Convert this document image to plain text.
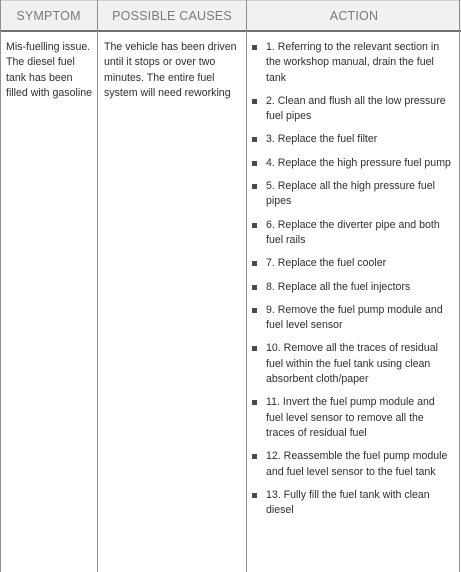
SYMPTOM	POSSIBLE CAUSES	ACTION
Mis-fuelling issue. The diesel fuel tank has been filled with gasoline
The vehicle has been driven until it stops or over two minutes. The entire fuel system will need reworking
1. Referring to the relevant section in the workshop manual, drain the fuel tank
2. Clean and flush all the low pressure fuel pipes
3. Replace the fuel filter
4. Replace the high pressure fuel pump
5. Replace all the high pressure fuel pipes
6. Replace the diverter pipe and both fuel rails
7. Replace the fuel cooler
8. Replace all the fuel injectors
9. Remove the fuel pump module and fuel level sensor
10. Remove all the traces of residual fuel within the fuel tank using clean absorbent cloth/paper
11. Invert the fuel pump module and fuel level sensor to remove all the traces of residual fuel
12. Reassemble the fuel pump module and fuel level sensor to the fuel tank
13. Fully fill the fuel tank with clean diesel
